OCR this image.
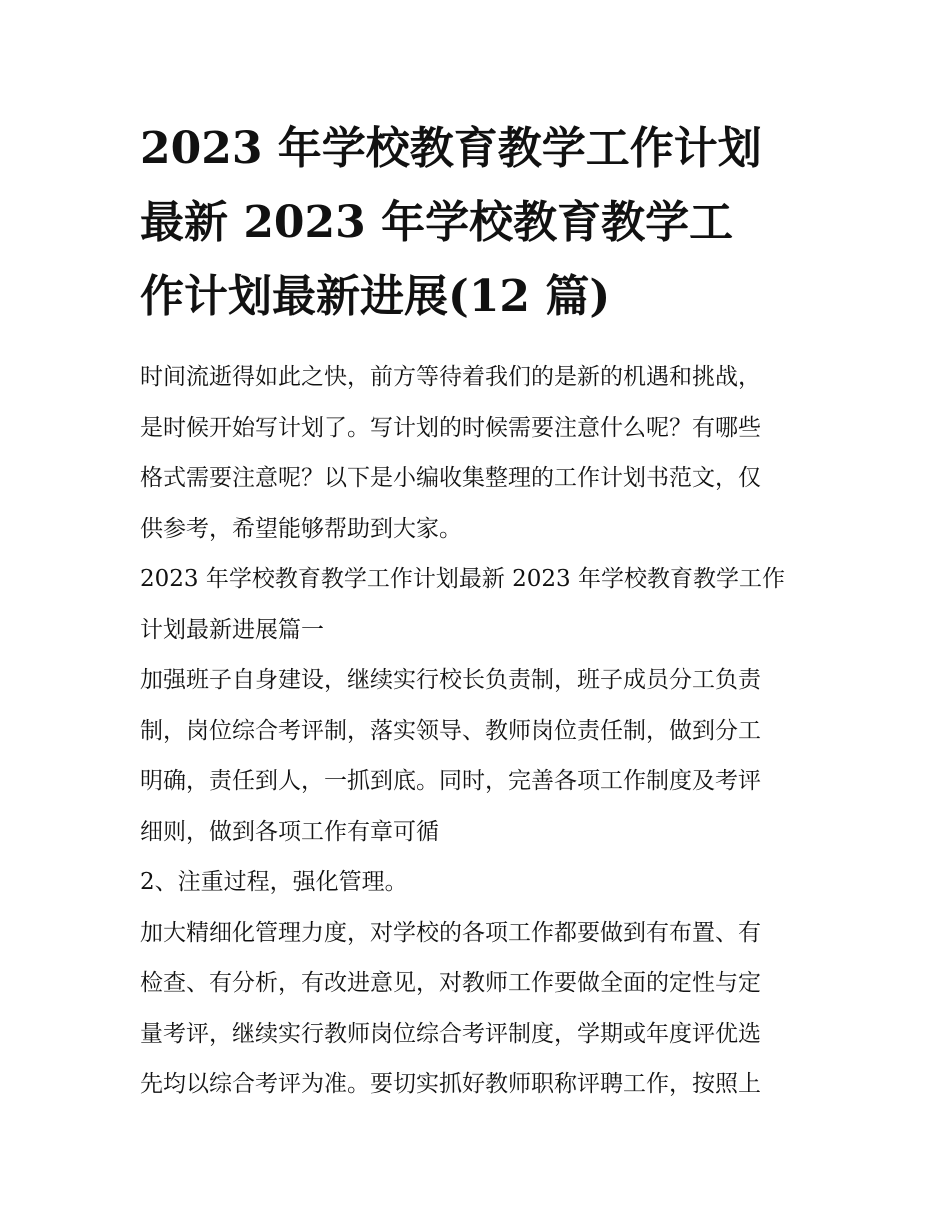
2023 年学校教育教学工作计划
最新 2023 年学校教育教学工
作计划最新进展(12 篇)

时间流逝得如此之快，前方等待着我们的是新的机遇和挑战，
是时候开始写计划了。写计划的时候需要注意什么呢？有哪些
格式需要注意呢？以下是小编收集整理的工作计划书范文，仅
供参考，希望能够帮助到大家。

2023 年学校教育教学工作计划最新 2023 年学校教育教学工作
计划最新进展篇一

加强班子自身建设，继续实行校长负责制，班子成员分工负责
制，岗位综合考评制，落实领导、教师岗位责任制，做到分工
明确，责任到人，一抓到底。同时，完善各项工作制度及考评
细则，做到各项工作有章可循

2、注重过程，强化管理。

加大精细化管理力度，对学校的各项工作都要做到有布置、有
检查、有分析，有改进意见，对教师工作要做全面的定性与定
量考评，继续实行教师岗位综合考评制度，学期或年度评优选
先均以综合考评为准。要切实抓好教师职称评聘工作，按照上
